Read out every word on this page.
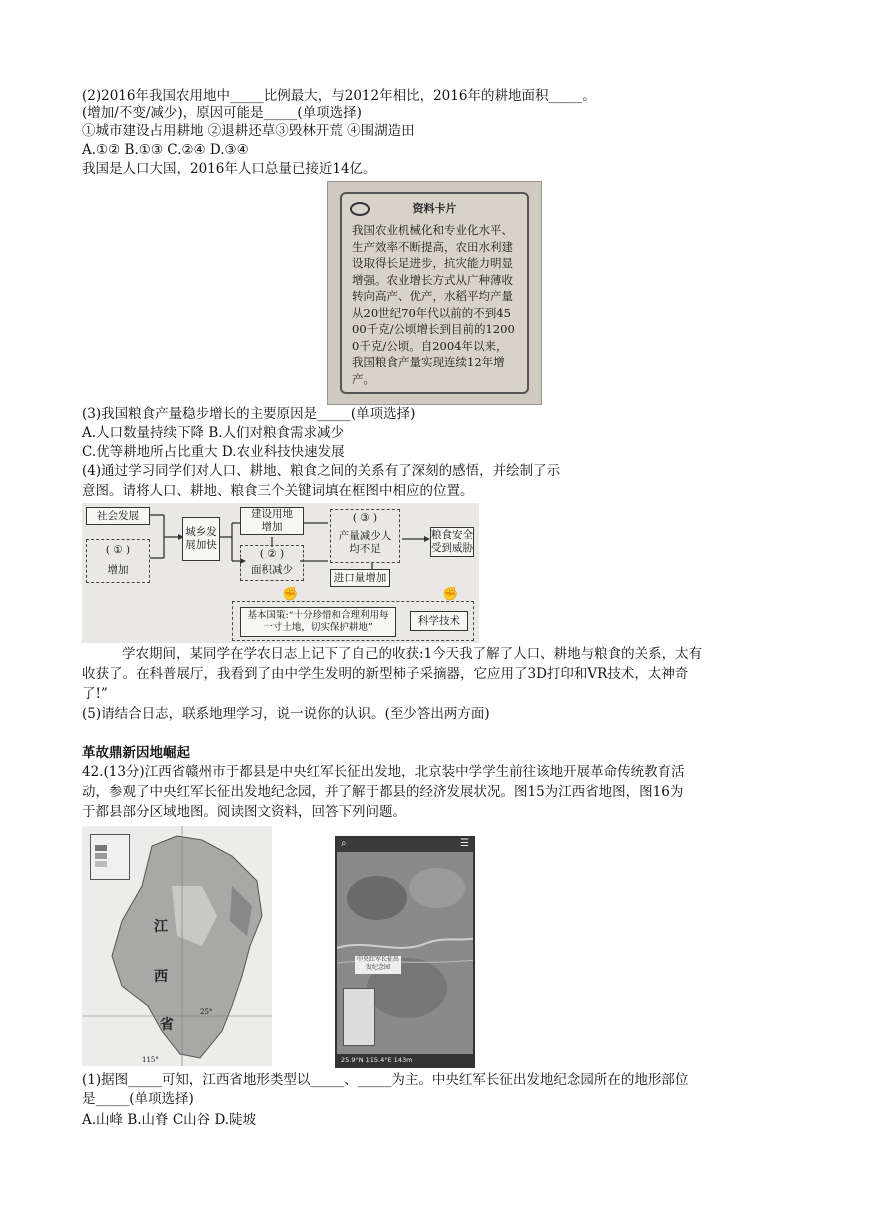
(2)2016年我国农用地中_____比例最大，与2012年相比，2016年的耕地面积_____。
(增加/不变/减少)，原因可能是_____(单项选择)
①城市建设占用耕地 ②退耕还草③毁林开荒 ④围湖造田
A.①② B.①③ C.②④ D.③④
我国是人口大国，2016年人口总量已接近14亿。
资料卡片
我国农业机械化和专业化水平、生产效率不断提高，农田水利建设取得长足进步，抗灾能力明显增强。农业增长方式从广种薄收转向高产、优产，水稻平均产量从20世纪70年代以前的不到4500千克/公顷增长到目前的12000千克/公顷。自2004年以来，我国粮食产量实现连续12年增产。
(3)我国粮食产量稳步增长的主要原因是_____(单项选择)
A.人口数量持续下降 B.人们对粮食需求减少
C.优等耕地所占比重大 D.农业科技快速发展
(4)通过学习同学们对人口、耕地、粮食之间的关系有了深刻的感悟，并绘制了示
意图。请将人口、耕地、粮食三个关键词填在框图中相应的位置。
社会发展
( ① )
增加
城乡发展加快
建设用地
增加
( ② )
面积减少
( ③ )
产量减少人均不足
进口量增加
粮食安全受到威胁
✊	✊
基本国策:“十分珍惜和合理利用每一寸土地，切实保护耕地”
科学技术
学农期间，某同学在学农日志上记下了自己的收获:1今天我了解了人口、耕地与粮食的关系，太有
收获了。在科普展厅，我看到了由中学生发明的新型柿子采摘器，它应用了3D打印和VR技术，太神奇
了!”
(5)请结合日志，联系地理学习，说一说你的认识。(至少答出两方面)
革故鼎新因地崛起
42.(13分)江西省赣州市于都县是中央红军长征出发地，北京装中学学生前往该地开展革命传统教育活
动，参观了中央红军长征出发地纪念园，并了解于都县的经济发展状况。图15为江西省地图，图16为
于都县部分区域地图。阅读图文资料，回答下列问题。
江
西
省
25°
115°
⌕	☰
中央红军长征出发纪念园
25.9°N 115.4°E 143m
(1)据图_____可知，江西省地形类型以_____、_____为主。中央红军长征出发地纪念园所在的地形部位
是_____(单项选择)
A.山峰 B.山脊 C山谷 D.陡坡
